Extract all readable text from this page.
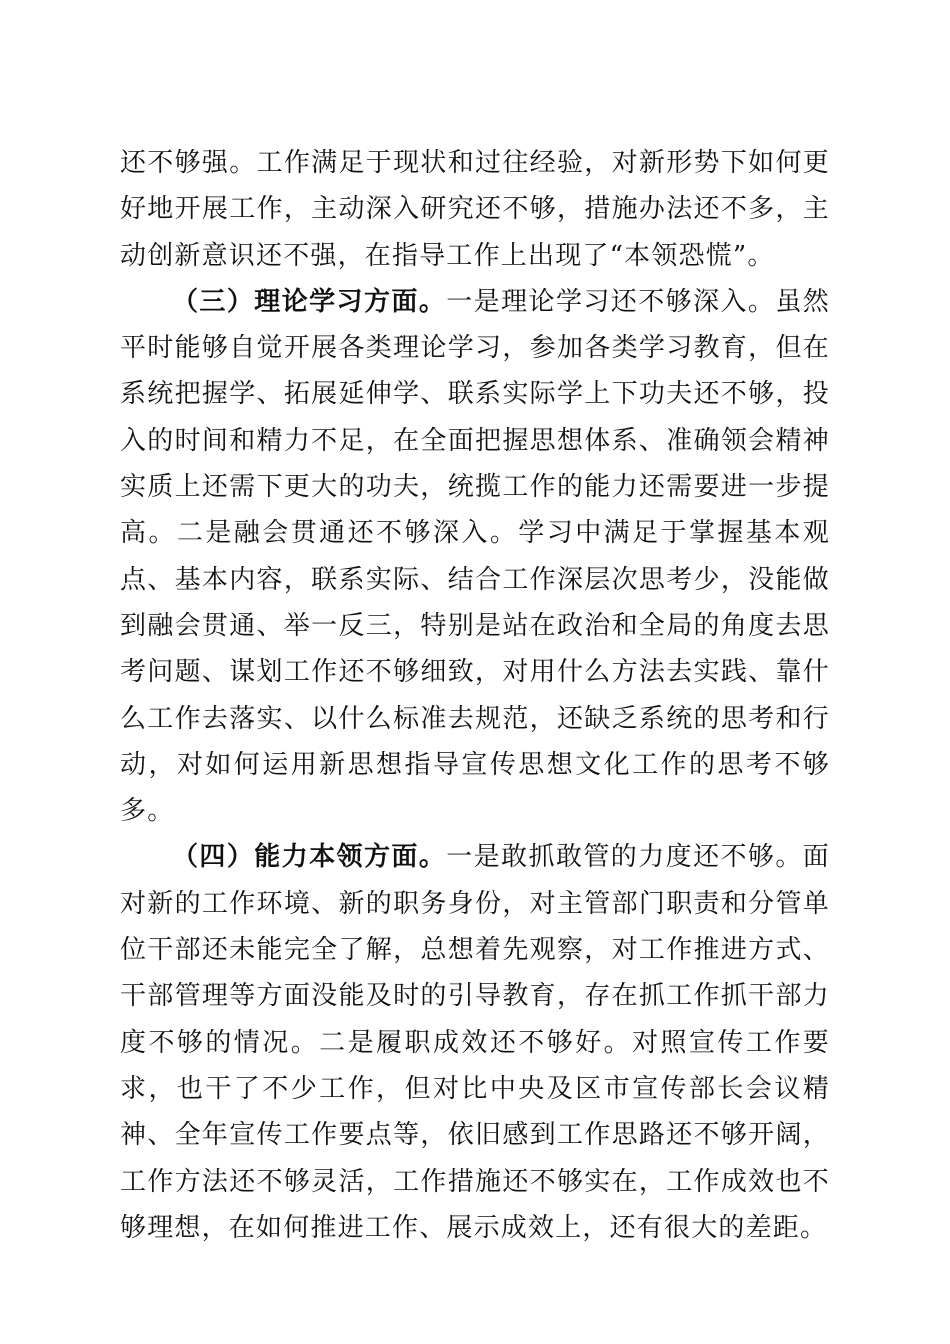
还不够强。工作满足于现状和过往经验，对新形势下如何更好地开展工作，主动深入研究还不够，措施办法还不多，主动创新意识还不强，在指导工作上出现了“本领恐慌”。

（三）理论学习方面。一是理论学习还不够深入。虽然平时能够自觉开展各类理论学习，参加各类学习教育，但在系统把握学、拓展延伸学、联系实际学上下功夫还不够，投入的时间和精力不足，在全面把握思想体系、准确领会精神实质上还需下更大的功夫，统揽工作的能力还需要进一步提高。二是融会贯通还不够深入。学习中满足于掌握基本观点、基本内容，联系实际、结合工作深层次思考少，没能做到融会贯通、举一反三，特别是站在政治和全局的角度去思考问题、谋划工作还不够细致，对用什么方法去实践、靠什么工作去落实、以什么标准去规范，还缺乏系统的思考和行动，对如何运用新思想指导宣传思想文化工作的思考不够多。

（四）能力本领方面。一是敢抓敢管的力度还不够。面对新的工作环境、新的职务身份，对主管部门职责和分管单位干部还未能完全了解，总想着先观察，对工作推进方式、干部管理等方面没能及时的引导教育，存在抓工作抓干部力度不够的情况。二是履职成效还不够好。对照宣传工作要求，也干了不少工作，但对比中央及区市宣传部长会议精神、全年宣传工作要点等，依旧感到工作思路还不够开阔，工作方法还不够灵活，工作措施还不够实在，工作成效也不够理想，在如何推进工作、展示成效上，还有很大的差距。
